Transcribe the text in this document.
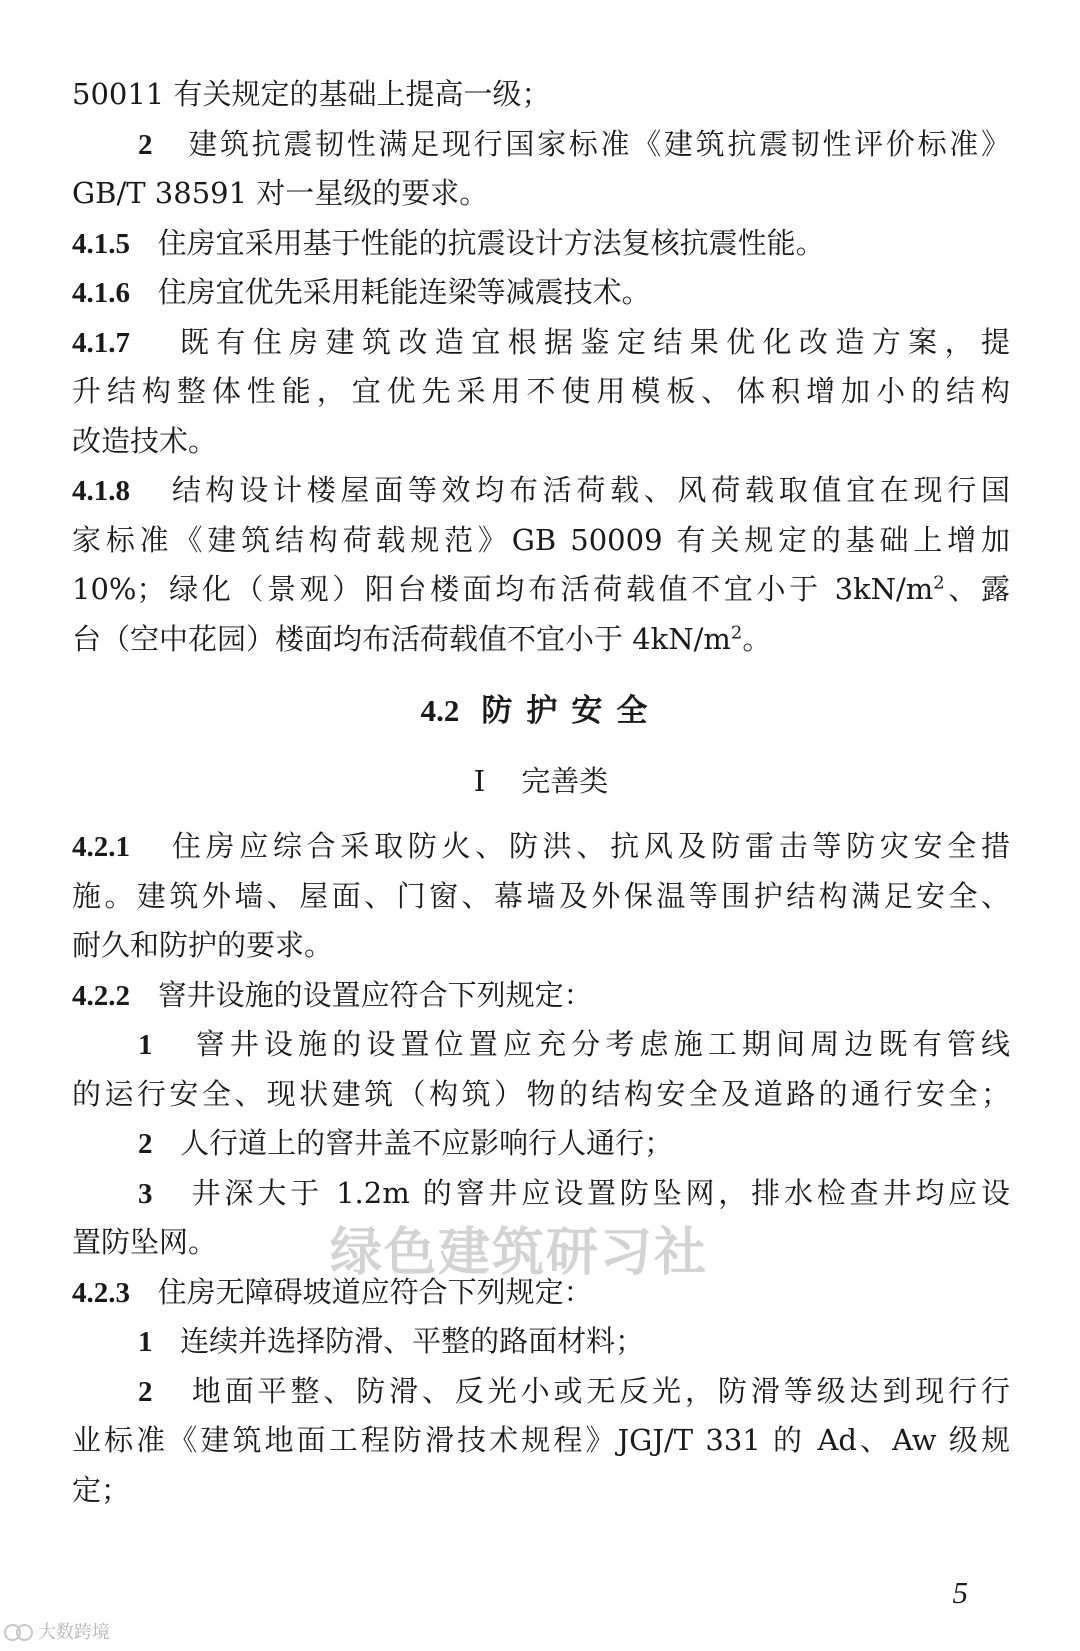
50011 有关规定的基础上提高一级；
2 建筑抗震韧性满足现行国家标准《建筑抗震韧性评价标准》
GB/T 38591 对一星级的要求。
4.1.5 住房宜采用基于性能的抗震设计方法复核抗震性能。
4.1.6 住房宜优先采用耗能连梁等减震技术。
4.1.7 既有住房建筑改造宜根据鉴定结果优化改造方案，提
升结构整体性能，宜优先采用不使用模板、体积增加小的结构
改造技术。
4.1.8 结构设计楼屋面等效均布活荷载、风荷载取值宜在现行国
家标准《建筑结构荷载规范》GB 50009 有关规定的基础上增加
10%；绿化（景观）阳台楼面均布活荷载值不宜小于 $3kN/m^2$、露
台（空中花园）楼面均布活荷载值不宜小于 $4kN/m^2$。
4.2 防护安全
Ⅰ 完善类
4.2.1 住房应综合采取防火、防洪、抗风及防雷击等防灾安全措
施。建筑外墙、屋面、门窗、幕墙及外保温等围护结构满足安全、
耐久和防护的要求。
4.2.2 窨井设施的设置应符合下列规定：
1 窨井设施的设置位置应充分考虑施工期间周边既有管线
的运行安全、现状建筑（构筑）物的结构安全及道路的通行安全；
2 人行道上的窨井盖不应影响行人通行；
3 井深大于 1.2m 的窨井应设置防坠网，排水检查井均应设
置防坠网。
4.2.3 住房无障碍坡道应符合下列规定：
1 连续并选择防滑、平整的路面材料；
2 地面平整、防滑、反光小或无反光，防滑等级达到现行行
业标准《建筑地面工程防滑技术规程》JGJ/T 331 的 Ad、Aw 级规
定；
绿色建筑研习社
5
大数跨境
